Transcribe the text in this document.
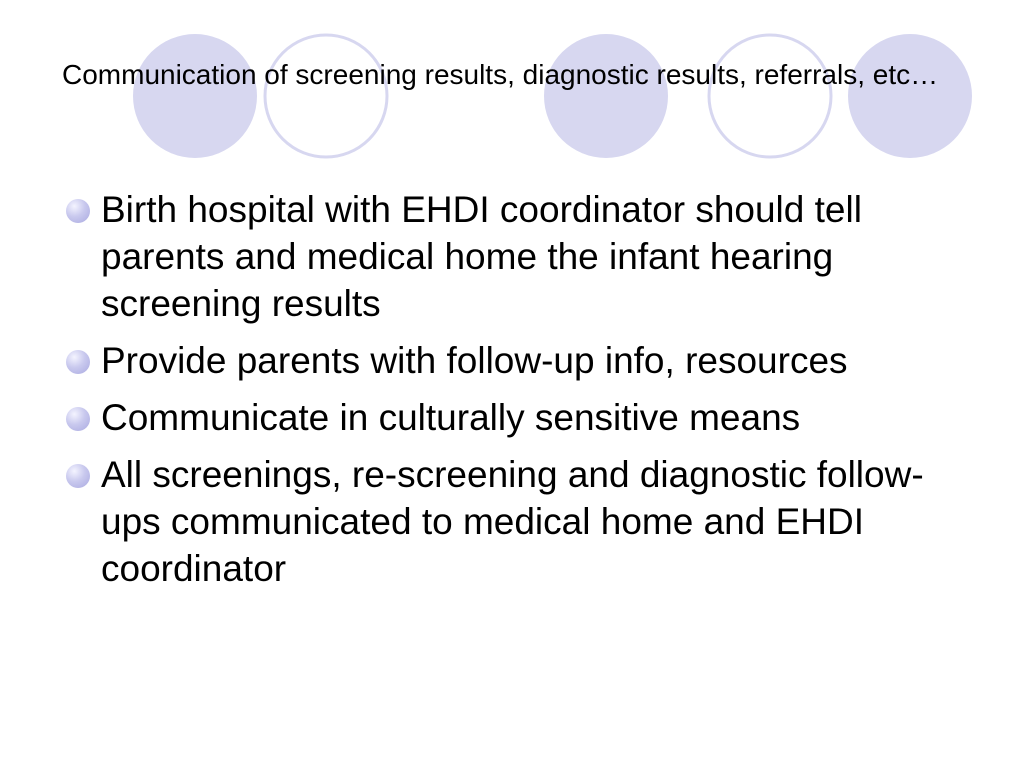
Communication of screening results, diagnostic results, referrals, etc…
Birth hospital with EHDI coordinator should tell parents and medical home the infant hearing screening results
Provide parents with follow-up info, resources
Communicate in culturally sensitive means
All screenings, re-screening and diagnostic follow-ups communicated to medical home and EHDI coordinator
